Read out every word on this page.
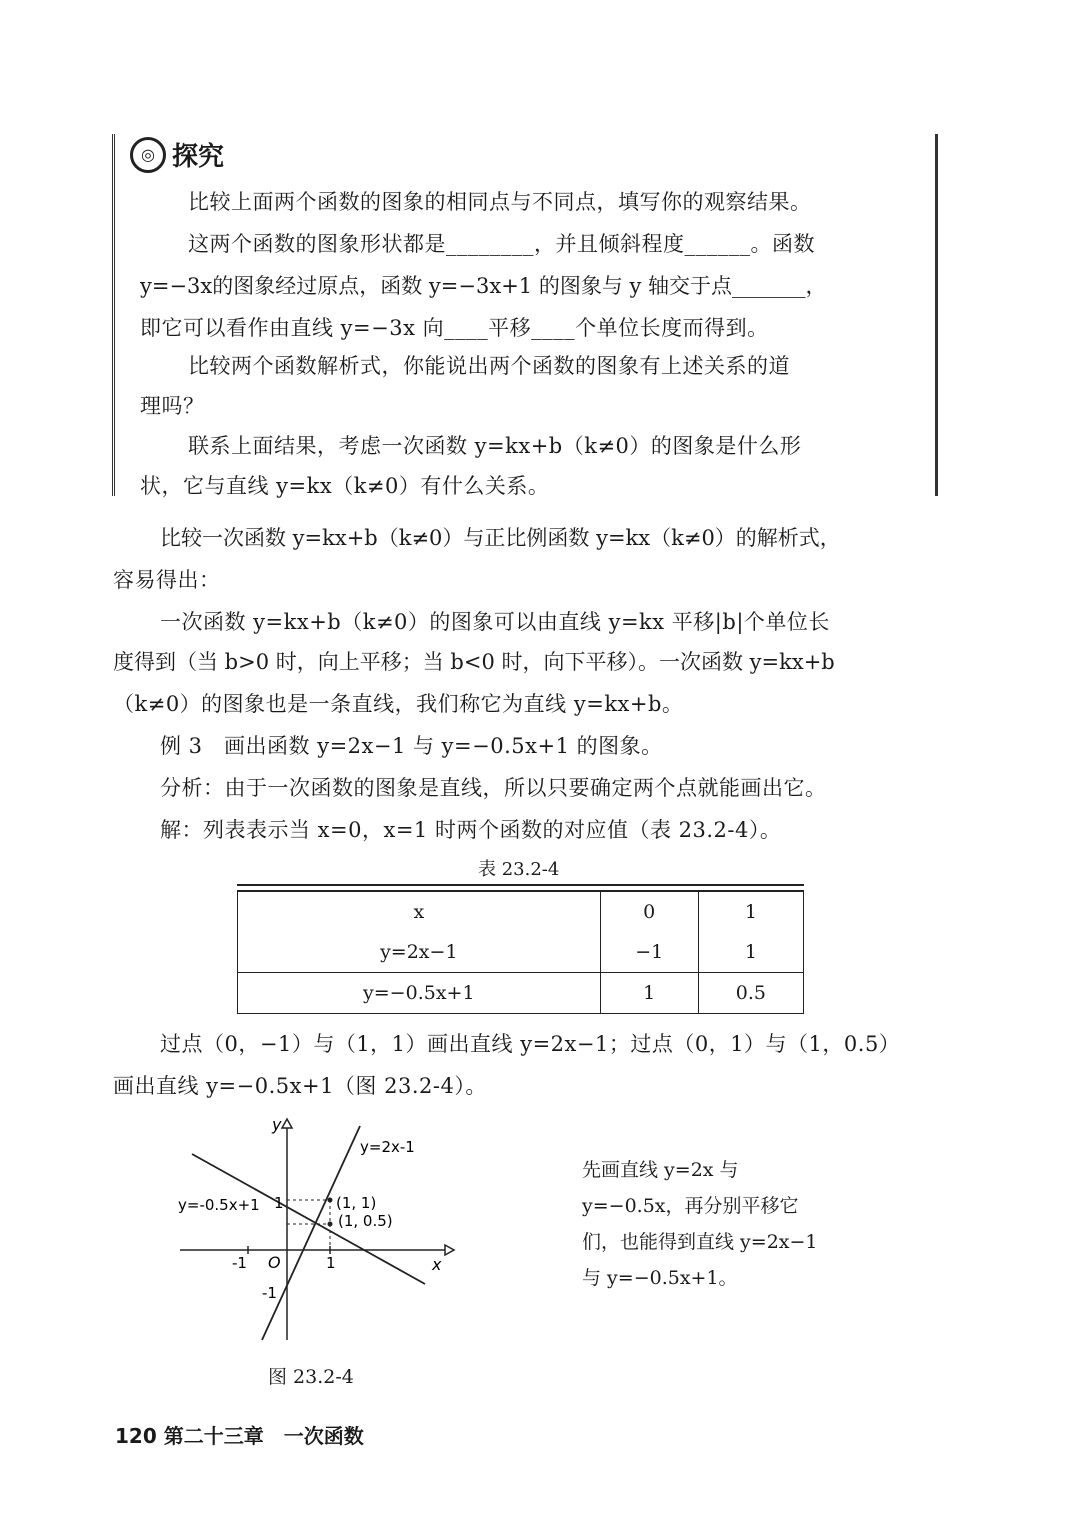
◎ 探究
比较上面两个函数的图象的相同点与不同点，填写你的观察结果。
这两个函数的图象形状都是________，并且倾斜程度______。函数
y=−3x的图象经过原点，函数 y=−3x+1 的图象与 y 轴交于点_______，
即它可以看作由直线 y=−3x 向____平移____个单位长度而得到。
比较两个函数解析式，你能说出两个函数的图象有上述关系的道
理吗？
联系上面结果，考虑一次函数 y=kx+b（k≠0）的图象是什么形
状，它与直线 y=kx（k≠0）有什么关系。
比较一次函数 y=kx+b（k≠0）与正比例函数 y=kx（k≠0）的解析式，
容易得出：
一次函数 y=kx+b（k≠0）的图象可以由直线 y=kx 平移|b|个单位长
度得到（当 b>0 时，向上平移；当 b<0 时，向下平移）。一次函数 y=kx+b
（k≠0）的图象也是一条直线，我们称它为直线 y=kx+b。
例 3　画出函数 y=2x−1 与 y=−0.5x+1 的图象。
分析：由于一次函数的图象是直线，所以只要确定两个点就能画出它。
解：列表表示当 x=0，x=1 时两个函数的对应值（表 23.2-4）。
表 23.2-4
x	0	1
y=2x−1	−1	1
y=−0.5x+1	1	0.5
过点（0，−1）与（1，1）画出直线 y=2x−1；过点（0，1）与（1，0.5）
画出直线 y=−0.5x+1（图 23.2-4）。
y=2x-1
y=-0.5x+1	(1, 1)
(1, 0.5)
x
y
O
-1	1
1
-1
图 23.2-4
先画直线 y=2x 与 y=−0.5x，再分别平移它们，也能得到直线 y=2x−1 与 y=−0.5x+1。
120 第二十三章　一次函数
